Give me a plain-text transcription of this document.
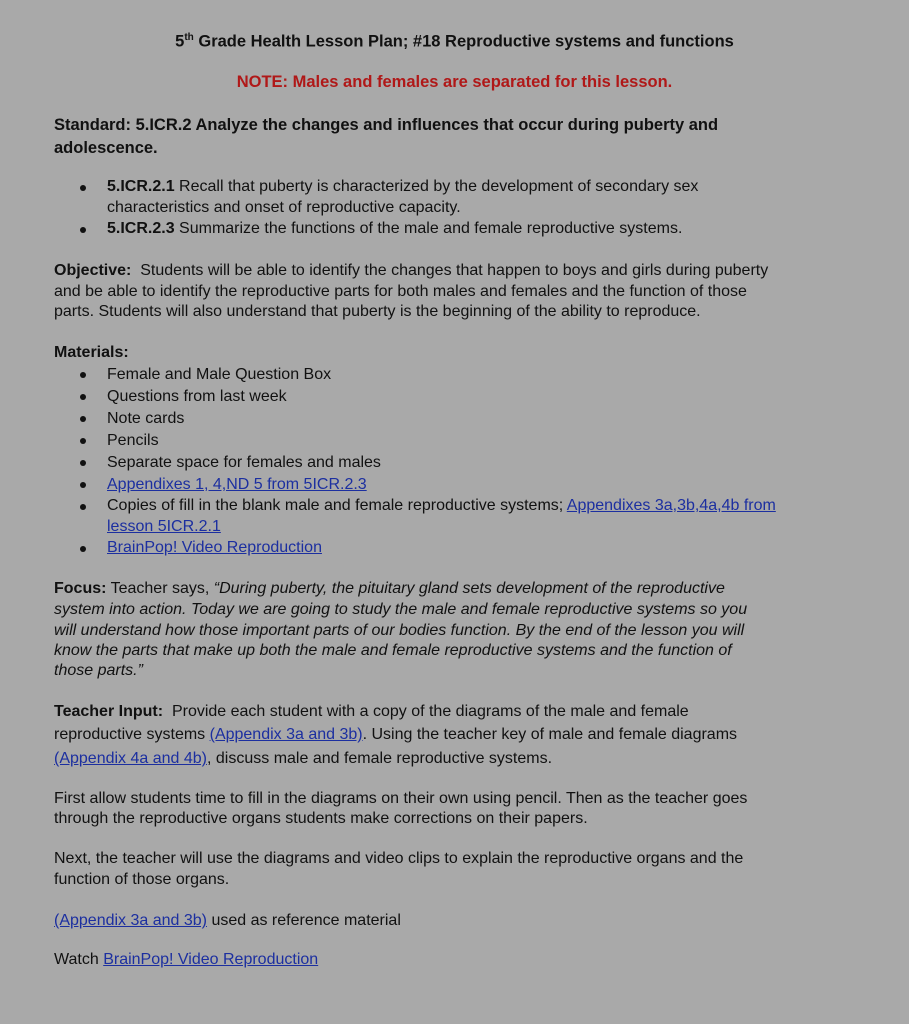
5th Grade Health Lesson Plan; #18 Reproductive systems and functions
NOTE: Males and females are separated for this lesson.
Standard: 5.ICR.2 Analyze the changes and influences that occur during puberty and
adolescence.
5.ICR.2.1 Recall that puberty is characterized by the development of secondary sex
characteristics and onset of reproductive capacity.
5.ICR.2.3 Summarize the functions of the male and female reproductive systems.
Objective: Students will be able to identify the changes that happen to boys and girls during puberty
and be able to identify the reproductive parts for both males and females and the function of those
parts. Students will also understand that puberty is the beginning of the ability to reproduce.
Materials:
Female and Male Question Box
Questions from last week
Note cards
Pencils
Separate space for females and males
Appendixes 1, 4,ND 5 from 5ICR.2.3
Copies of fill in the blank male and female reproductive systems; Appendixes 3a,3b,4a,4b from
lesson 5ICR.2.1
BrainPop! Video Reproduction
Focus: Teacher says, “During puberty, the pituitary gland sets development of the reproductive
system into action. Today we are going to study the male and female reproductive systems so you
will understand how those important parts of our bodies function. By the end of the lesson you will
know the parts that make up both the male and female reproductive systems and the function of
those parts.”
Teacher Input:  Provide each student with a copy of the diagrams of the male and female
reproductive systems (Appendix 3a and 3b). Using the teacher key of male and female diagrams
(Appendix 4a and 4b), discuss male and female reproductive systems.
First allow students time to fill in the diagrams on their own using pencil. Then as the teacher goes
through the reproductive organs students make corrections on their papers.
Next, the teacher will use the diagrams and video clips to explain the reproductive organs and the
function of those organs.
(Appendix 3a and 3b) used as reference material
Watch BrainPop! Video Reproduction
